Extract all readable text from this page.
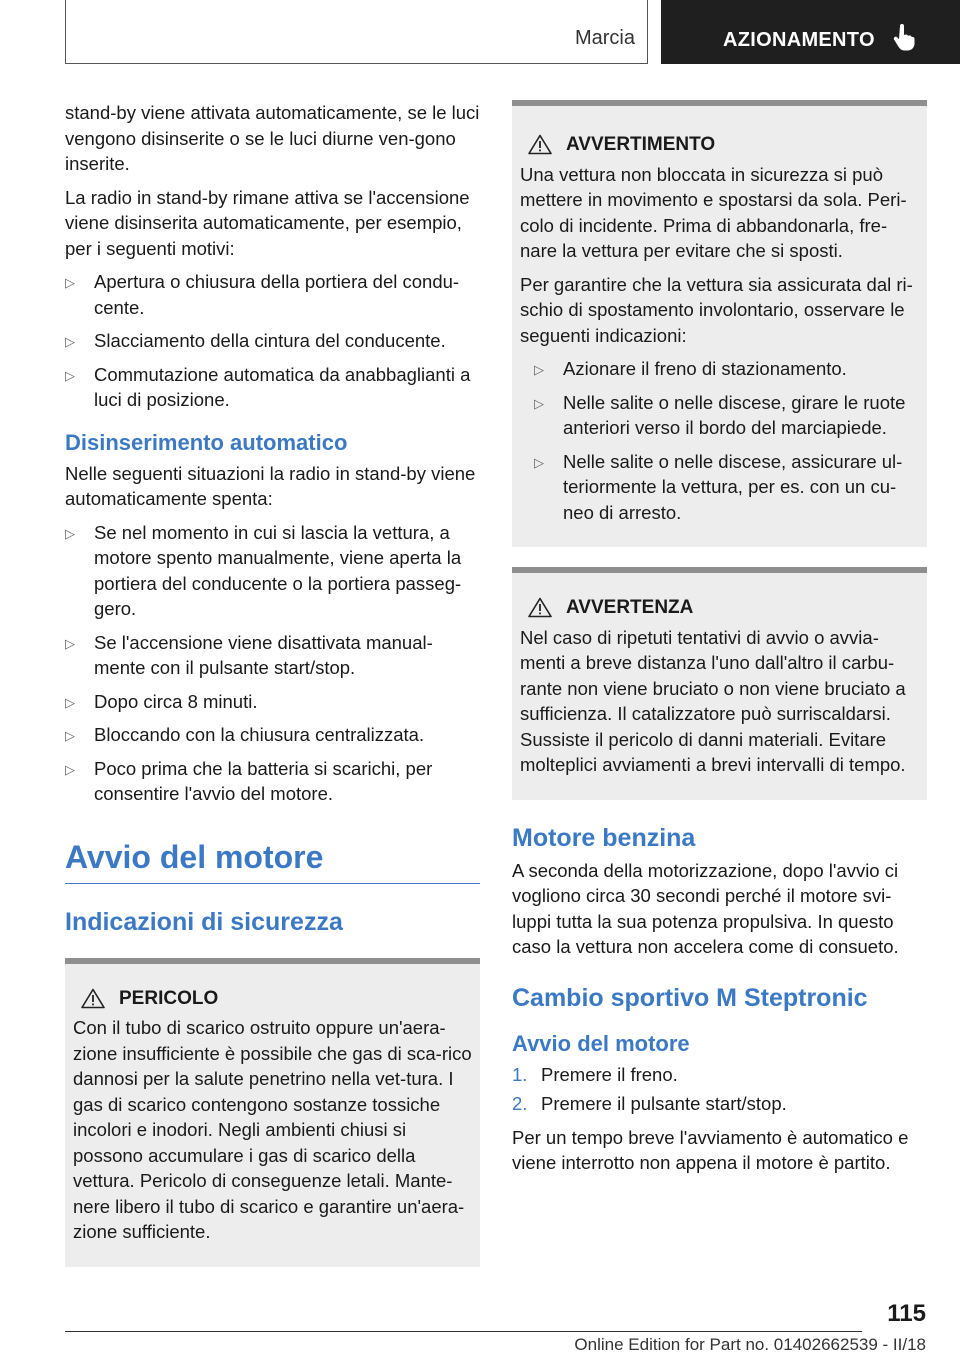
Marcia	AZIONAMENTO

stand-by viene attivata automaticamente, se le luci vengono disinserite o se le luci diurne ven‐gono inserite.

La radio in stand-by rimane attiva se l'accensione viene disinserita automaticamente, per esempio, per i seguenti motivi:

▷ Apertura o chiusura della portiera del condu‐cente.
▷ Slacciamento della cintura del conducente.
▷ Commutazione automatica da anabbaglianti a luci di posizione.
Disinserimento automatico

Nelle seguenti situazioni la radio in stand-by viene automaticamente spenta:

▷ Se nel momento in cui si lascia la vettura, a motore spento manualmente, viene aperta la portiera del conducente o la portiera passeg‐gero.
▷ Se l'accensione viene disattivata manual‐mente con il pulsante start/stop.
▷ Dopo circa 8 minuti.
▷ Bloccando con la chiusura centralizzata.
▷ Poco prima che la batteria si scarichi, per consentire l'avvio del motore.
Avvio del motore
Indicazioni di sicurezza
PERICOLO

Con il tubo di scarico ostruito oppure un'aera‐zione insufficiente è possibile che gas di sca‐rico dannosi per la salute penetrino nella vet‐tura. I gas di scarico contengono sostanze tossiche incolori e inodori. Negli ambienti chiusi si possono accumulare i gas di scarico della vettura. Pericolo di conseguenze letali. Mante‐nere libero il tubo di scarico e garantire un'aera‐zione sufficiente.

AVVERTIMENTO

Una vettura non bloccata in sicurezza si può mettere in movimento e spostarsi da sola. Peri‐colo di incidente. Prima di abbandonarla, fre‐nare la vettura per evitare che si sposti.

Per garantire che la vettura sia assicurata dal ri‐schio di spostamento involontario, osservare le seguenti indicazioni:

▷ Azionare il freno di stazionamento.
▷ Nelle salite o nelle discese, girare le ruote anteriori verso il bordo del marciapiede.
▷ Nelle salite o nelle discese, assicurare ul‐teriormente la vettura, per es. con un cu‐neo di arresto.
AVVERTENZA

Nel caso di ripetuti tentativi di avvio o avvia‐menti a breve distanza l'uno dall'altro il carbu‐rante non viene bruciato o non viene bruciato a sufficienza. Il catalizzatore può surriscaldarsi. Sussiste il pericolo di danni materiali. Evitare molteplici avviamenti a brevi intervalli di tempo.

Motore benzina

A seconda della motorizzazione, dopo l'avvio ci vogliono circa 30 secondi perché il motore svi‐luppi tutta la sua potenza propulsiva. In questo caso la vettura non accelera come di consueto.

Cambio sportivo M Steptronic
Avvio del motore
1. Premere il freno.
2. Premere il pulsante start/stop.

Per un tempo breve l'avviamento è automatico e viene interrotto non appena il motore è partito.

115
Online Edition for Part no. 01402662539 - II/18
